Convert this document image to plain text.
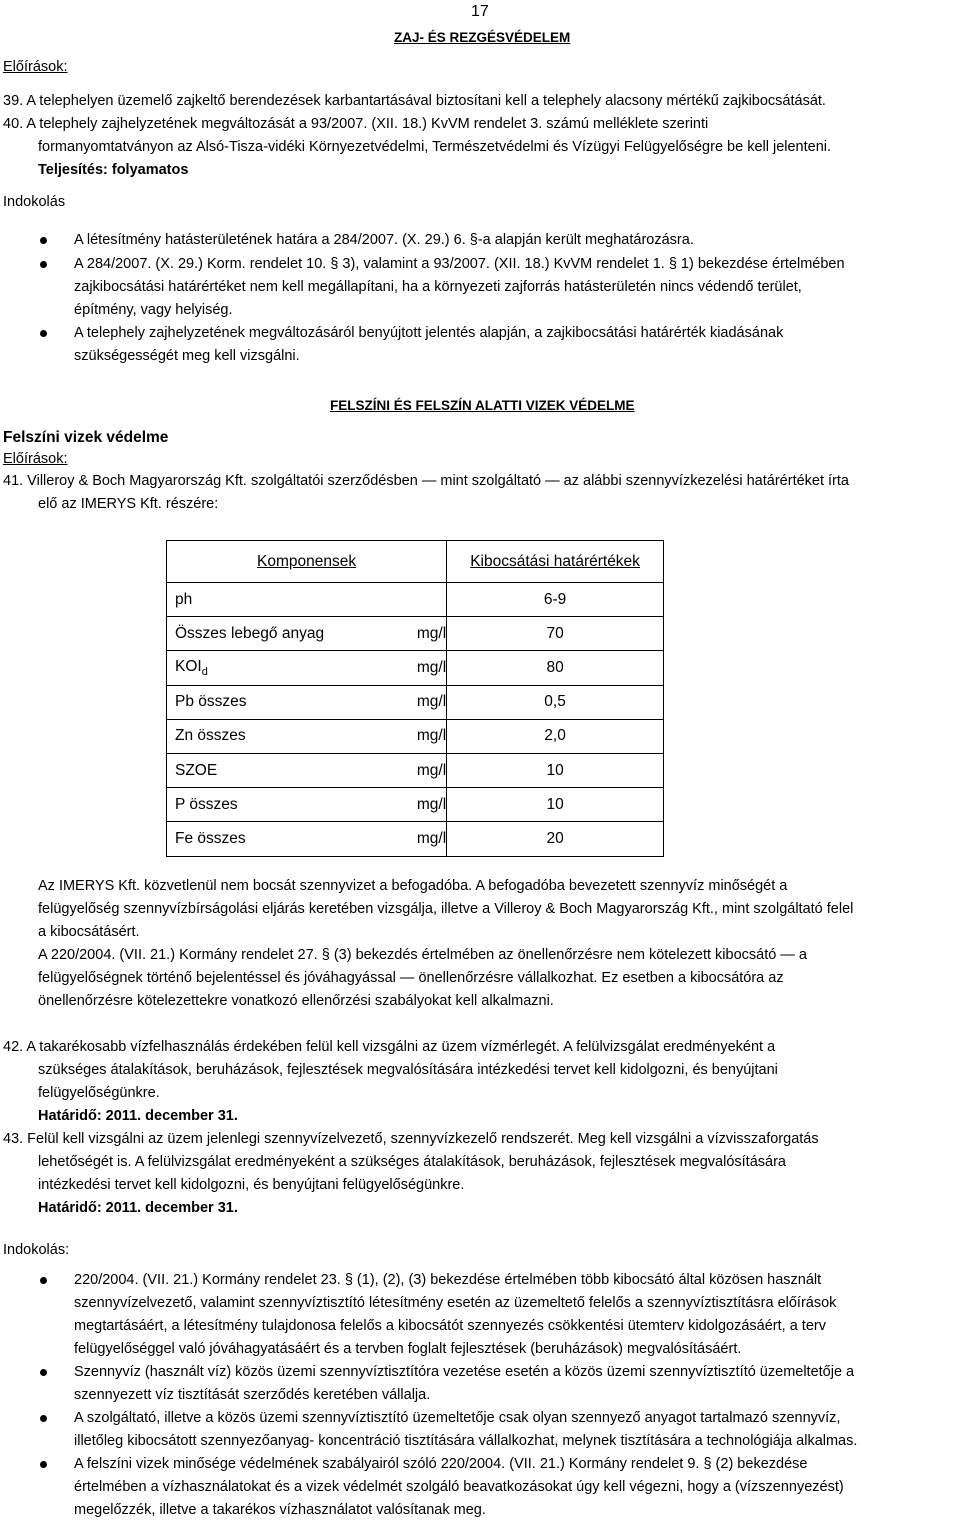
17
ZAJ- ÉS REZGÉSVÉDELEM
Előírások:
39. A telephelyen üzemelő zajkeltő berendezések karbantartásával biztosítani kell a telephely alacsony mértékű zajkibocsátását.
40. A telephely zajhelyzetének megváltozását a 93/2007. (XII. 18.) KvVM rendelet 3. számú melléklete szerinti
formanyomtatványon az Alsó-Tisza-vidéki Környezetvédelmi, Természetvédelmi és Vízügyi Felügyelőségre be kell jelenteni.
Teljesítés: folyamatos
Indokolás
A létesítmény hatásterületének határa a 284/2007. (X. 29.) 6. §-a alapján került meghatározásra.
A 284/2007. (X. 29.) Korm. rendelet 10. § 3), valamint a 93/2007. (XII. 18.) KvVM rendelet 1. § 1) bekezdése értelmében
zajkibocsátási határértéket nem kell megállapítani, ha a környezeti zajforrás hatásterületén nincs védendő terület,
építmény, vagy helyiség.
A telephely zajhelyzetének megváltozásáról benyújtott jelentés alapján, a zajkibocsátási határérték kiadásának
szükségességét meg kell vizsgálni.
FELSZÍNI ÉS FELSZÍN ALATTI VIZEK VÉDELME
Felszíni vizek védelme
Előírások:
41. Villeroy & Boch Magyarország Kft. szolgáltatói szerződésben — mint szolgáltató — az alábbi szennyvízkezelési határértéket írta
elő az IMERYS Kft. részére:
Komponensek		Kibocsátási határértékek
ph		6-9
Összes lebegő anyag	mg/l	70
$KOI_d$	mg/l	80
Pb összes	mg/l	0,5
Zn összes	mg/l	2,0
SZOE	mg/l	10
P összes	mg/l	10
Fe összes	mg/l	20
Az IMERYS Kft. közvetlenül nem bocsát szennyvizet a befogadóba. A befogadóba bevezetett szennyvíz minőségét a
felügyelőség szennyvízbírságolási eljárás keretében vizsgálja, illetve a Villeroy & Boch Magyarország Kft., mint szolgáltató felel
a kibocsátásért.
A 220/2004. (VII. 21.) Kormány rendelet 27. § (3) bekezdés értelmében az önellenőrzésre nem kötelezett kibocsátó — a
felügyelőségnek történő bejelentéssel és jóváhagyással — önellenőrzésre vállalkozhat. Ez esetben a kibocsátóra az
önellenőrzésre kötelezettekre vonatkozó ellenőrzési szabályokat kell alkalmazni.
42. A takarékosabb vízfelhasználás érdekében felül kell vizsgálni az üzem vízmérlegét. A felülvizsgálat eredményeként a
szükséges átalakítások, beruházások, fejlesztések megvalósítására intézkedési tervet kell kidolgozni, és benyújtani
felügyelőségünkre.
Határidő: 2011. december 31.
43. Felül kell vizsgálni az üzem jelenlegi szennyvízelvezető, szennyvízkezelő rendszerét. Meg kell vizsgálni a vízvisszaforgatás
lehetőségét is. A felülvizsgálat eredményeként a szükséges átalakítások, beruházások, fejlesztések megvalósítására
intézkedési tervet kell kidolgozni, és benyújtani felügyelőségünkre.
Határidő: 2011. december 31.
Indokolás:
220/2004. (VII. 21.) Kormány rendelet 23. § (1), (2), (3) bekezdése értelmében több kibocsátó által közösen használt
szennyvízelvezető, valamint szennyvíztisztító létesítmény esetén az üzemeltető felelős a szennyvíztisztításra előírások
megtartásáért, a létesítmény tulajdonosa felelős a kibocsátót szennyezés csökkentési ütemterv kidolgozásáért, a terv
felügyelőséggel való jóváhagyatásáért és a tervben foglalt fejlesztések (beruházások) megvalósításáért.
Szennyvíz (használt víz) közös üzemi szennyvíztisztítóra vezetése esetén a közös üzemi szennyvíztisztító üzemeltetője a
szennyezett víz tisztítását szerződés keretében vállalja.
A szolgáltató, illetve a közös üzemi szennyvíztisztító üzemeltetője csak olyan szennyező anyagot tartalmazó szennyvíz,
illetőleg kibocsátott szennyezőanyag- koncentráció tisztítására vállalkozhat, melynek tisztítására a technológiája alkalmas.
A felszíni vizek minősége védelmének szabályairól szóló 220/2004. (VII. 21.) Kormány rendelet 9. § (2) bekezdése
értelmében a vízhasználatokat és a vizek védelmét szolgáló beavatkozásokat úgy kell végezni, hogy a (vízszennyezést)
megelőzzék, illetve a takarékos vízhasználatot valósítanak meg.
